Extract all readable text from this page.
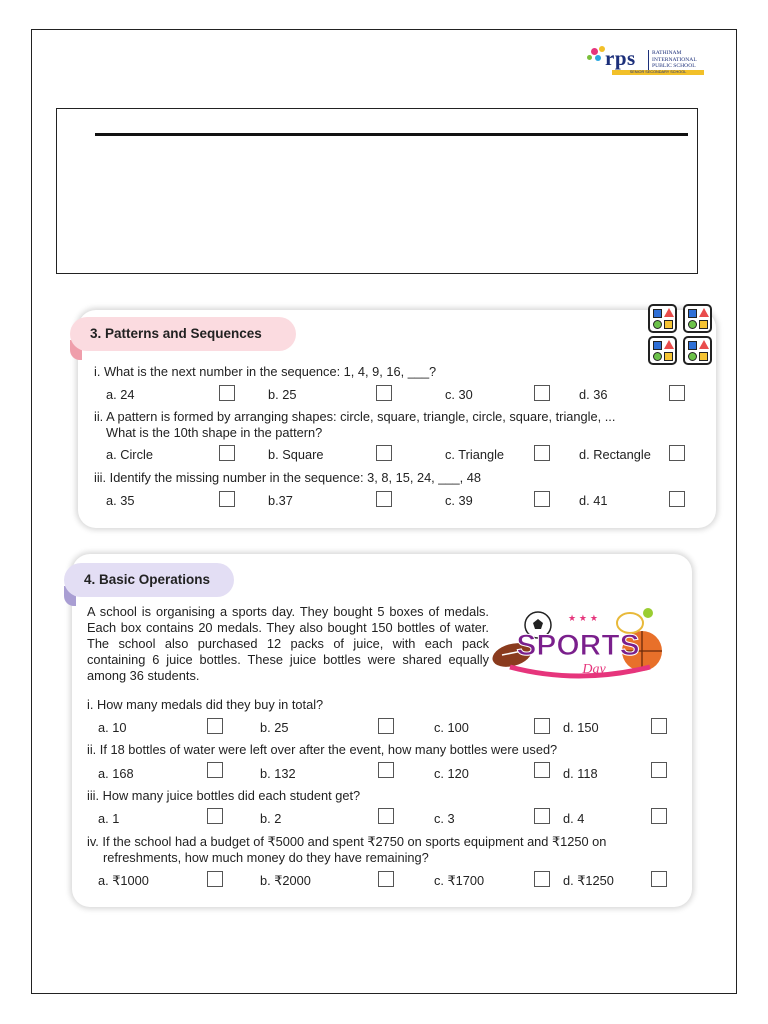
rps	RATHINAM
INTERNATIONAL
PUBLIC SCHOOL
SENIOR SECONDARY SCHOOL
3. Patterns and Sequences
i. What is the next number in the sequence: 1, 4, 9, 16, ___?
a. 24	b. 25	c. 30	d. 36
ii. A pattern is formed by arranging shapes: circle, square, triangle, circle, square, triangle, ...
What is the 10th shape in the pattern?
a. Circle	b. Square	c. Triangle	d. Rectangle
iii. Identify the missing number in the sequence: 3, 8, 15, 24, ___, 48
a. 35	b.37	c. 39	d. 41
4. Basic Operations
A school is organising a sports day. They bought 5 boxes of medals. Each box contains 20 medals. They also bought 150 bottles of water. The school also purchased 12 packs of juice, with each pack containing 6 juice bottles. These juice bottles were shared equally among 36 students.
★ ★ ★
SPORTS
Day
i. How many medals did they buy in total?
a. 10	b. 25	c. 100	d. 150
ii. If 18 bottles of water were left over after the event, how many bottles were used?
a. 168	b. 132	c. 120	d. 118
iii. How many juice bottles did each student get?
a. 1	b. 2	c. 3	d. 4
iv. If the school had a budget of ₹5000 and spent ₹2750 on sports equipment and ₹1250 on
refreshments, how much money do they have remaining?
a. ₹1000	b. ₹2000	c. ₹1700	d. ₹1250
